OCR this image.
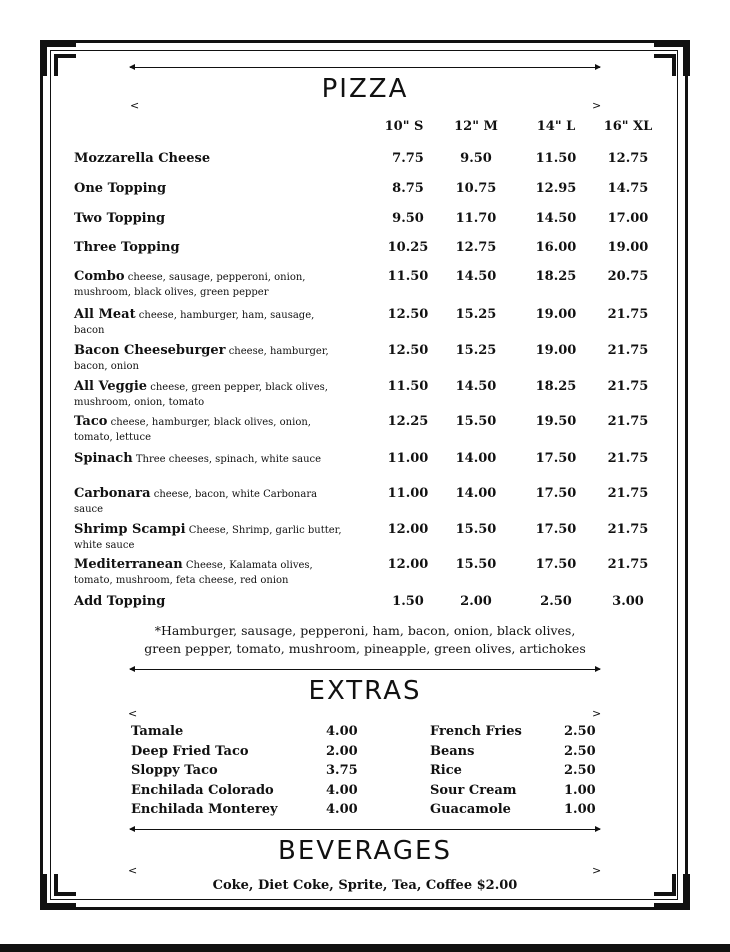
PIZZA
<	>
10" S	12" M	14" L	16" XL
Mozzarella Cheese	7.75	9.50	11.50	12.75
One Topping	8.75	10.75	12.95	14.75
Two Topping	9.50	11.70	14.50	17.00
Three Topping	10.25	12.75	16.00	19.00
Combo cheese, sausage, pepperoni, onion, mushroom, black olives, green pepper
11.50	14.50	18.25	20.75
All Meat cheese, hamburger, ham, sausage, bacon
12.50	15.25	19.00	21.75
Bacon Cheeseburger cheese, hamburger, bacon, onion
12.50	15.25	19.00	21.75
All Veggie cheese, green pepper, black olives, mushroom, onion, tomato
11.50	14.50	18.25	21.75
Taco cheese, hamburger, black olives, onion, tomato, lettuce
12.25	15.50	19.50	21.75
Spinach Three cheeses, spinach, white sauce	11.00	14.00	17.50	21.75
Carbonara cheese, bacon, white Carbonara sauce
11.00	14.00	17.50	21.75
Shrimp Scampi Cheese, Shrimp, garlic butter, white sauce
12.00	15.50	17.50	21.75
Mediterranean Cheese, Kalamata olives, tomato, mushroom, feta cheese, red onion
12.00	15.50	17.50	21.75
Add Topping	1.50	2.00	2.50	3.00
*Hamburger, sausage, pepperoni, ham, bacon, onion, black olives,
green pepper, tomato, mushroom, pineapple, green olives, artichokes
EXTRAS
<	>
Tamale	4.00
Deep Fried Taco	2.00
Sloppy Taco	3.75
Enchilada Colorado	4.00
Enchilada Monterey	4.00
French Fries	2.50
Beans	2.50
Rice	2.50
Sour Cream	1.00
Guacamole	1.00
BEVERAGES
<	>
Coke, Diet Coke, Sprite, Tea, Coffee $2.00
